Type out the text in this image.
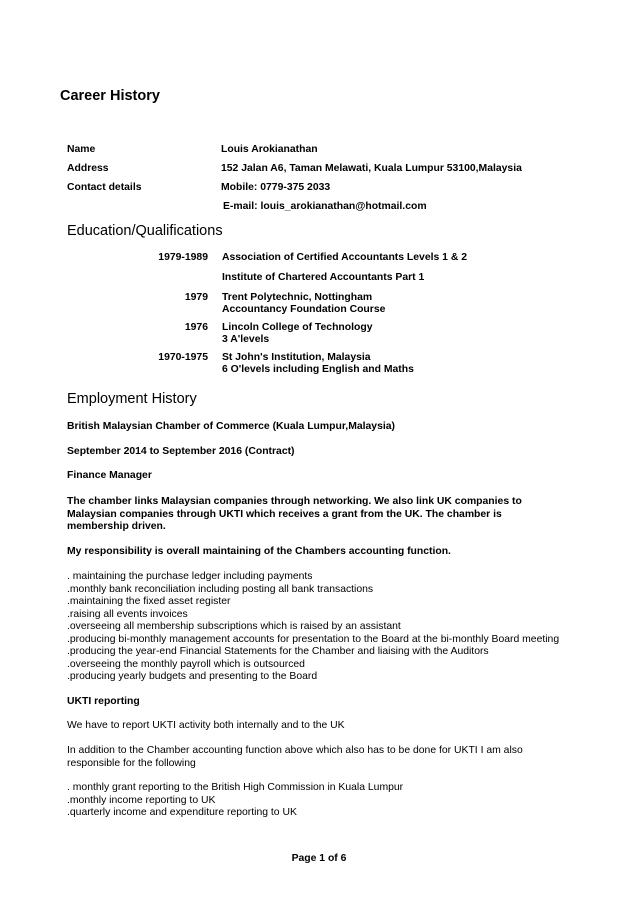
Career History
Name	Louis Arokianathan
Address	152 Jalan A6, Taman Melawati, Kuala Lumpur 53100,Malaysia
Contact details	Mobile: 0779-375 2033
E-mail: louis_arokianathan@hotmail.com
Education/Qualifications
1979-1989 Association of Certified Accountants Levels 1 & 2
Institute of Chartered Accountants Part 1
1979 Trent Polytechnic, Nottingham
Accountancy Foundation Course
1976 Lincoln College of Technology
3 A'levels
1970-1975 St John's Institution, Malaysia
6 O'levels including English and Maths
Employment History
British Malaysian Chamber of Commerce (Kuala Lumpur,Malaysia)
September 2014 to September 2016 (Contract)
Finance Manager
The chamber links Malaysian companies through networking. We also link UK companies to
Malaysian companies through UKTI which receives a grant from the UK. The chamber is
membership driven.
My responsibility is overall maintaining of the Chambers accounting function.
. maintaining the purchase ledger including payments
.monthly bank reconciliation including posting all bank transactions
.maintaining the fixed asset register
.raising all events invoices
.overseeing all membership subscriptions which is raised by an assistant
.producing bi-monthly management accounts for presentation to the Board at the bi-monthly Board meeting
.producing the year-end Financial Statements for the Chamber and liaising with the Auditors
.overseeing the monthly payroll which is outsourced
.producing yearly budgets and presenting to the Board
UKTI reporting
We have to report UKTI activity both internally and to the UK
In addition to the Chamber accounting function above which also has to be done for UKTI I am also
responsible for the following
. monthly grant reporting to the British High Commission in Kuala Lumpur
.monthly income reporting to UK
.quarterly income and expenditure reporting to UK
Page 1 of 6
